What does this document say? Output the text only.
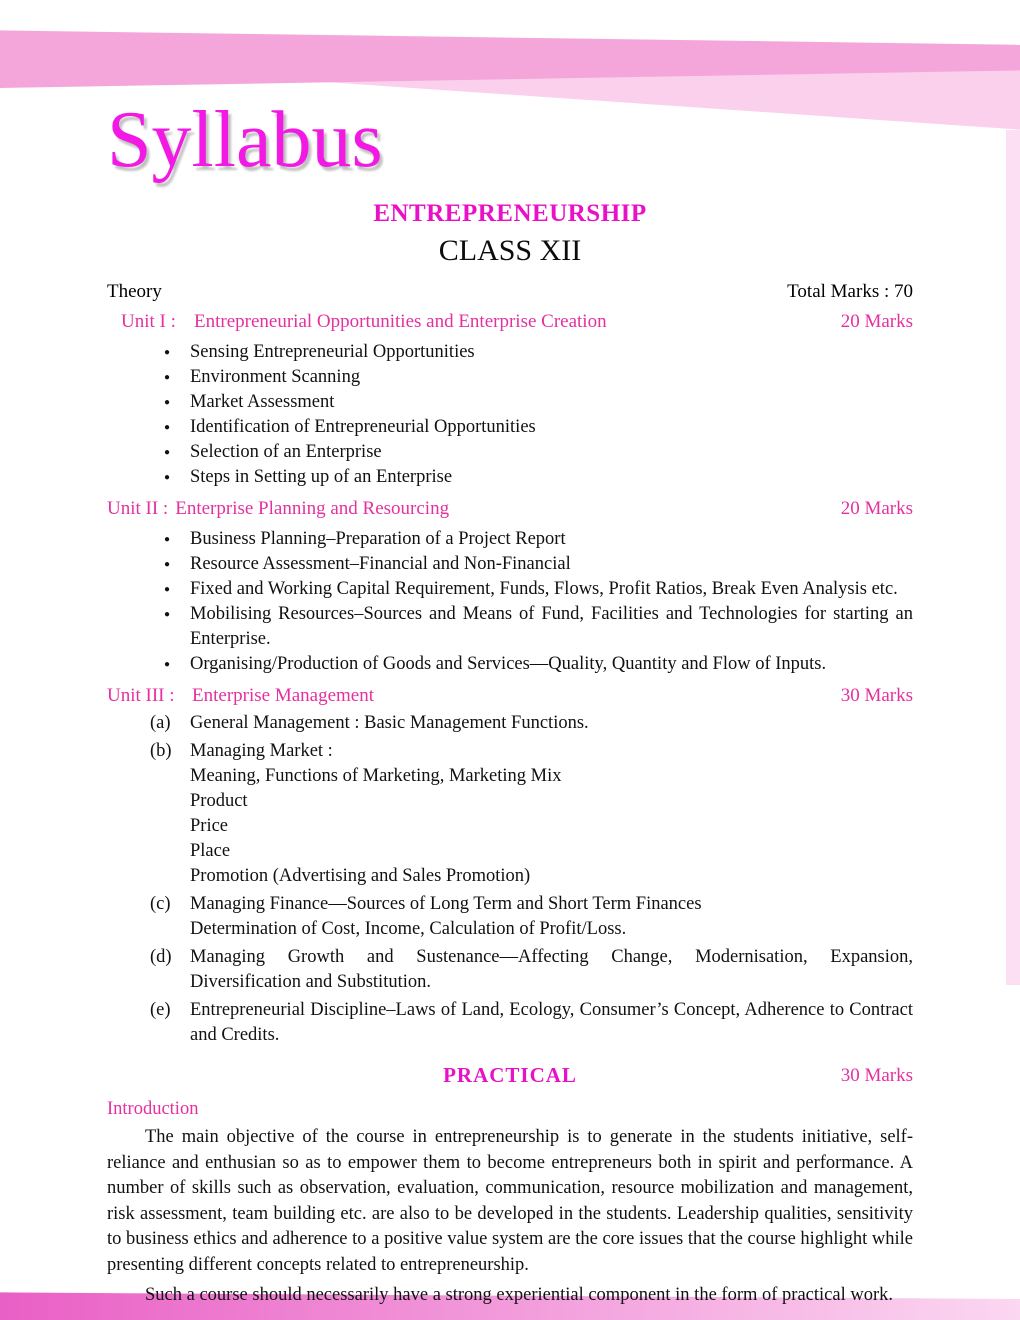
Syllabus
ENTREPRENEURSHIP
CLASS XII
Theory	Total Marks : 70
Unit I : Entrepreneurial Opportunities and Enterprise Creation	20 Marks
●	Sensing Entrepreneurial Opportunities
●	Environment Scanning
●	Market Assessment
●	Identification of Entrepreneurial Opportunities
●	Selection of an Enterprise
●	Steps in Setting up of an Enterprise
Unit II : Enterprise Planning and Resourcing	20 Marks
●	Business Planning–Preparation of a Project Report
●	Resource Assessment–Financial and Non-Financial
●	Fixed and Working Capital Requirement, Funds, Flows, Profit Ratios, Break Even Analysis etc.
●	Mobilising Resources–Sources and Means of Fund, Facilities and Technologies for starting an Enterprise.
●	Organising/Production of Goods and Services—Quality, Quantity and Flow of Inputs.
Unit III : Enterprise Management	30 Marks
(a)	General Management : Basic Management Functions.
(b) Managing Market :
Meaning, Functions of Marketing, Marketing Mix
Product
Price
Place
Promotion (Advertising and Sales Promotion)
(c)	Managing Finance—Sources of Long Term and Short Term Finances
Determination of Cost, Income, Calculation of Profit/Loss.
(d) Managing Growth and Sustenance—Affecting Change, Modernisation, Expansion, Diversification and Substitution.
(e)	Entrepreneurial Discipline–Laws of Land, Ecology, Consumer’s Concept, Adherence to Contract and Credits.
PRACTICAL	30 Marks
Introduction

The main objective of the course in entrepreneurship is to generate in the students initiative, self-reliance and enthusian so as to empower them to become entrepreneurs both in spirit and performance. A number of skills such as observation, evaluation, communication, resource mobilization and management, risk assessment, team building etc. are also to be developed in the students. Leadership qualities, sensitivity to business ethics and adherence to a positive value system are the core issues that the course highlight while presenting different concepts related to entrepreneurship.

Such a course should necessarily have a strong experiential component in the form of practical work.
